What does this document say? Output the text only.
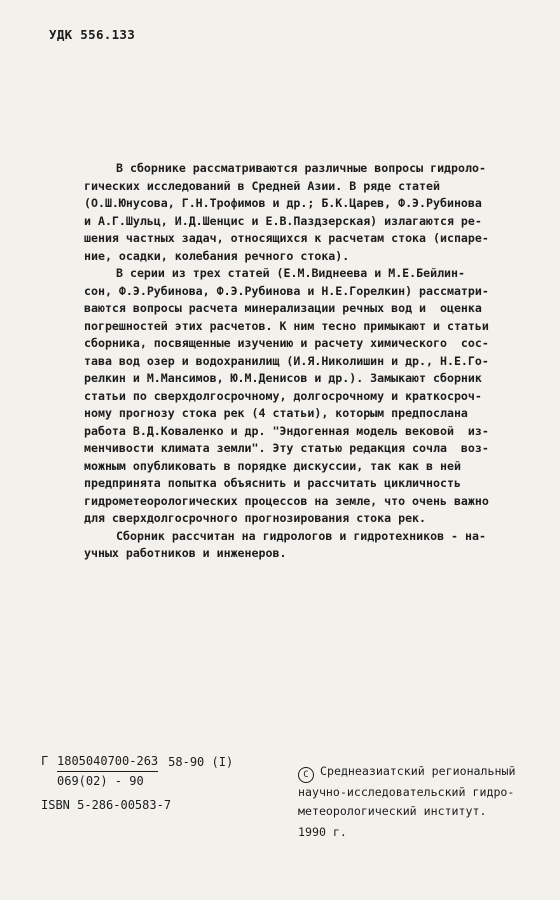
УДК 556.133

В сборнике рассматриваются различные вопросы гидроло-
гических исследований в Средней Азии. В ряде статей
(О.Ш.Юнусова, Г.Н.Трофимов и др.; Б.К.Царев, Ф.Э.Рубинова
и А.Г.Шульц, И.Д.Шенцис и Е.В.Паздзерская) излагаются ре-
шения частных задач, относящихся к расчетам стока (испаре-
ние, осадки, колебания речного стока).

В серии из трех статей (Е.М.Виднеева и М.Е.Бейлин-
сон, Ф.Э.Рубинова, Ф.Э.Рубинова и Н.Е.Горелкин) рассматри-
ваются вопросы расчета минерализации речных вод и  оценка
погрешностей этих расчетов. К ним тесно примыкают и статьи
сборника, посвященные изучению и расчету химического  сос-
тава вод озер и водохранилищ (И.Я.Николишин и др., Н.Е.Го-
релкин и М.Мансимов, Ю.М.Денисов и др.). Замыкают сборник
статьи по сверхдолгосрочному, долгосрочному и краткосроч-
ному прогнозу стока рек (4 статьи), которым предпослана
работа В.Д.Коваленко и др. "Эндогенная модель вековой  из-
менчивости климата земли". Эту статью редакция сочла  воз-
можным опубликовать в порядке дискуссии, так как в ней
предпринята попытка объяснить и рассчитать цикличность
гидрометеорологических процессов на земле, что очень важно
для сверхдолгосрочного прогнозирования стока рек.

Сборник рассчитан на гидрологов и гидротехников - на-
учных работников и инженеров.

Г $\frac{1805040700-263}{069(02) - 90} 58-90$ (I)
ISBN 5-286-00583-7
С Среднеазиатский региональный
научно-исследовательский гидро-
метеорологический институт.
1990 г.
